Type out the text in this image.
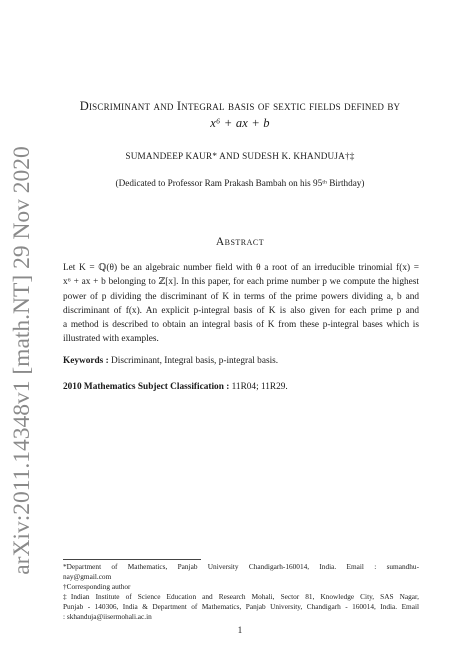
arXiv:2011.14348v1 [math.NT] 29 Nov 2020
Discriminant and Integral basis of sextic fields defined by
x⁶ + ax + b
SUMANDEEP KAUR* AND SUDESH K. KHANDUJA†‡
(Dedicated to Professor Ram Prakash Bambah on his 95ᵗʰ Birthday)
Abstract
Let K = ℚ(θ) be an algebraic number field with θ a root of an irreducible trinomial f(x) =
x⁶ + ax + b belonging to ℤ[x]. In this paper, for each prime number p we compute the highest
power of p dividing the discriminant of K in terms of the prime powers dividing a, b and
discriminant of f(x). An explicit p-integral basis of K is also given for each prime p and
a method is described to obtain an integral basis of K from these p-integral bases which is
illustrated with examples.
Keywords : Discriminant, Integral basis, p-integral basis.
2010 Mathematics Subject Classification : 11R04; 11R29.
*Department of Mathematics, Panjab University Chandigarh-160014, India. Email : sumandhu-
nay@gmail.com
†Corresponding author
‡Indian Institute of Science Education and Research Mohali, Sector 81, Knowledge City, SAS Nagar,
Punjab - 140306, India & Department of Mathematics, Panjab University, Chandigarh - 160014, India. Email
: skhanduja@iisermohali.ac.in
1
